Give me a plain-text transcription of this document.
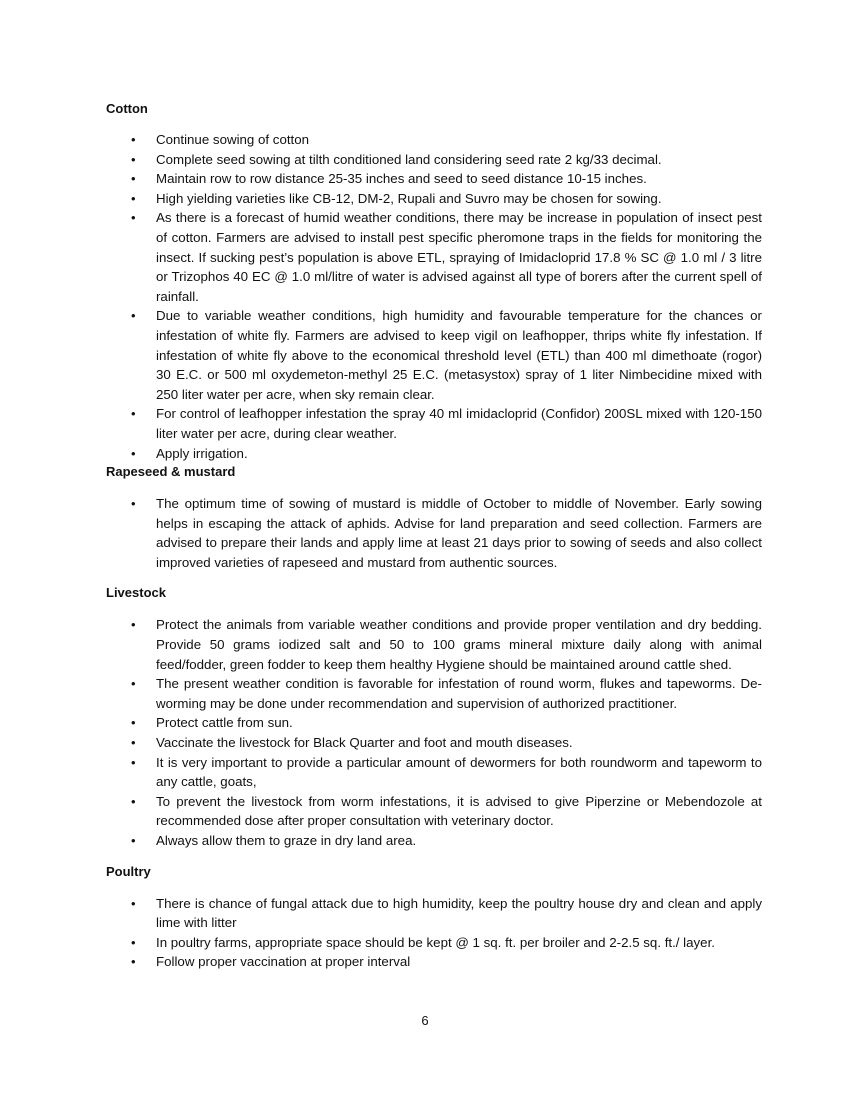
Cotton
• Continue sowing of cotton
• Complete seed sowing at tilth conditioned land considering seed rate 2 kg/33 decimal.
• Maintain row to row distance 25-35 inches and seed to seed distance 10-15 inches.
• High yielding varieties like CB-12, DM-2, Rupali and Suvro may be chosen for sowing.
• As there is a forecast of humid weather conditions, there may be increase in population of insect pest of cotton. Farmers are advised to install pest specific pheromone traps in the fields for monitoring the insect. If sucking pest’s population is above ETL, spraying of Imidacloprid 17.8 % SC @ 1.0 ml / 3 litre or Trizophos 40 EC @ 1.0 ml/litre of water is advised against all type of borers after the current spell of rainfall.
• Due to variable weather conditions, high humidity and favourable temperature for the chances or infestation of white fly. Farmers are advised to keep vigil on leafhopper, thrips white fly infestation. If infestation of white fly above to the economical threshold level (ETL) than 400 ml dimethoate (rogor) 30 E.C. or 500 ml oxydemeton-methyl 25 E.C. (metasystox) spray of 1 liter Nimbecidine mixed with 250 liter water per acre, when sky remain clear.
• For control of leafhopper infestation the spray 40 ml imidacloprid (Confidor) 200SL mixed with 120-150 liter water per acre, during clear weather.
• Apply irrigation.
Rapeseed & mustard
• The optimum time of sowing of mustard is middle of October to middle of November. Early sowing helps in escaping the attack of aphids. Advise for land preparation and seed collection. Farmers are advised to prepare their lands and apply lime at least 21 days prior to sowing of seeds and also collect improved varieties of rapeseed and mustard from authentic sources.
Livestock
• Protect the animals from variable weather conditions and provide proper ventilation and dry bedding. Provide 50 grams iodized salt and 50 to 100 grams mineral mixture daily along with animal feed/fodder, green fodder to keep them healthy Hygiene should be maintained around cattle shed.
• The present weather condition is favorable for infestation of round worm, flukes and tapeworms. De-worming may be done under recommendation and supervision of authorized practitioner.
• Protect cattle from sun.
• Vaccinate the livestock for Black Quarter and foot and mouth diseases.
• It is very important to provide a particular amount of dewormers for both roundworm and tapeworm to any cattle, goats,
• To prevent the livestock from worm infestations, it is advised to give Piperzine or Mebendozole at recommended dose after proper consultation with veterinary doctor.
• Always allow them to graze in dry land area.
Poultry
• There is chance of fungal attack due to high humidity, keep the poultry house dry and clean and apply lime with litter
• In poultry farms, appropriate space should be kept @ 1 sq. ft. per broiler and 2-2.5 sq. ft./ layer.
• Follow proper vaccination at proper interval
6
